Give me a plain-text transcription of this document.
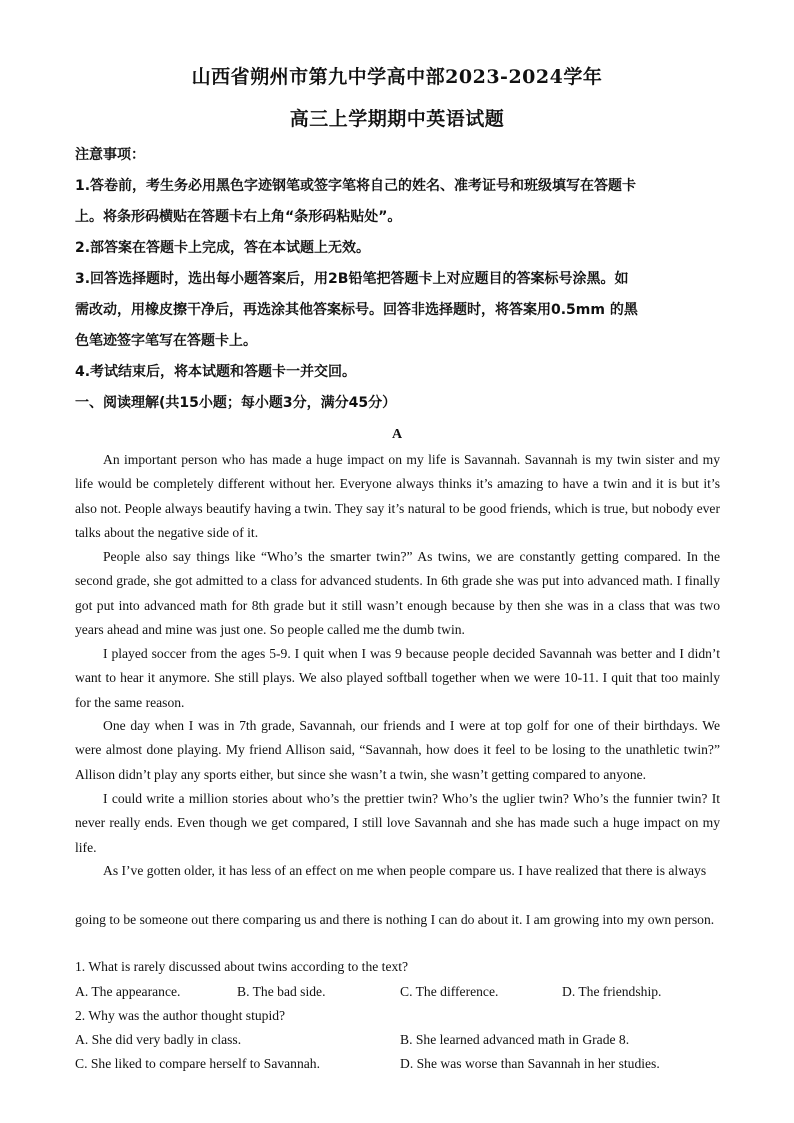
山西省朔州市第九中学高中部2023-2024学年
高三上学期期中英语试题
注意事项：
1.答卷前，考生务必用黑色字迹钢笔或签字笔将自己的姓名、准考证号和班级填写在答题卡
上。将条形码横贴在答题卡右上角“条形码粘贴处”。
2.部答案在答题卡上完成，答在本试题上无效。
3.回答选择题时，选出每小题答案后，用2B铅笔把答题卡上对应题目的答案标号涂黑。如
需改动，用橡皮擦干净后，再选涂其他答案标号。回答非选择题时，将答案用0.5mm 的黑
色笔迹签字笔写在答题卡上。
4.考试结束后，将本试题和答题卡一并交回。
一、阅读理解(共15小题；每小题3分，满分45分）
A
An important person who has made a huge impact on my life is Savannah. Savannah is my twin sister and my life would be completely different without her. Everyone always thinks it’s amazing to have a twin and it is but it’s also not. People always beautify having a twin. They say it’s natural to be good friends, which is true, but nobody ever talks about the negative side of it.
People also say things like “Who’s the smarter twin?” As twins, we are constantly getting compared. In the second grade, she got admitted to a class for advanced students. In 6th grade she was put into advanced math. I finally got put into advanced math for 8th grade but it still wasn’t enough because by then she was in a class that was two years ahead and mine was just one. So people called me the dumb twin.
I played soccer from the ages 5-9. I quit when I was 9 because people decided Savannah was better and I didn’t want to hear it anymore. She still plays. We also played softball together when we were 10-11. I quit that too mainly for the same reason.
One day when I was in 7th grade, Savannah, our friends and I were at top golf for one of their birthdays. We were almost done playing. My friend Allison said, “Savannah, how does it feel to be losing to the unathletic twin?” Allison didn’t play any sports either, but since she wasn’t a twin, she wasn’t getting compared to anyone.
I could write a million stories about who’s the prettier twin? Who’s the uglier twin? Who’s the funnier twin? It never really ends. Even though we get compared, I still love Savannah and she has made such a huge impact on my life.
As I’ve gotten older, it has less of an effect on me when people compare us. I have realized that there is always
going to be someone out there comparing us and there is nothing I can do about it. I am growing into my own person.
1. What is rarely discussed about twins according to the text?
A. The appearance.	B. The bad side.	C. The difference.	D. The friendship.
2. Why was the author thought stupid?
A. She did very badly in class.	B. She learned advanced math in Grade 8.
C. She liked to compare herself to Savannah.	D. She was worse than Savannah in her studies.
